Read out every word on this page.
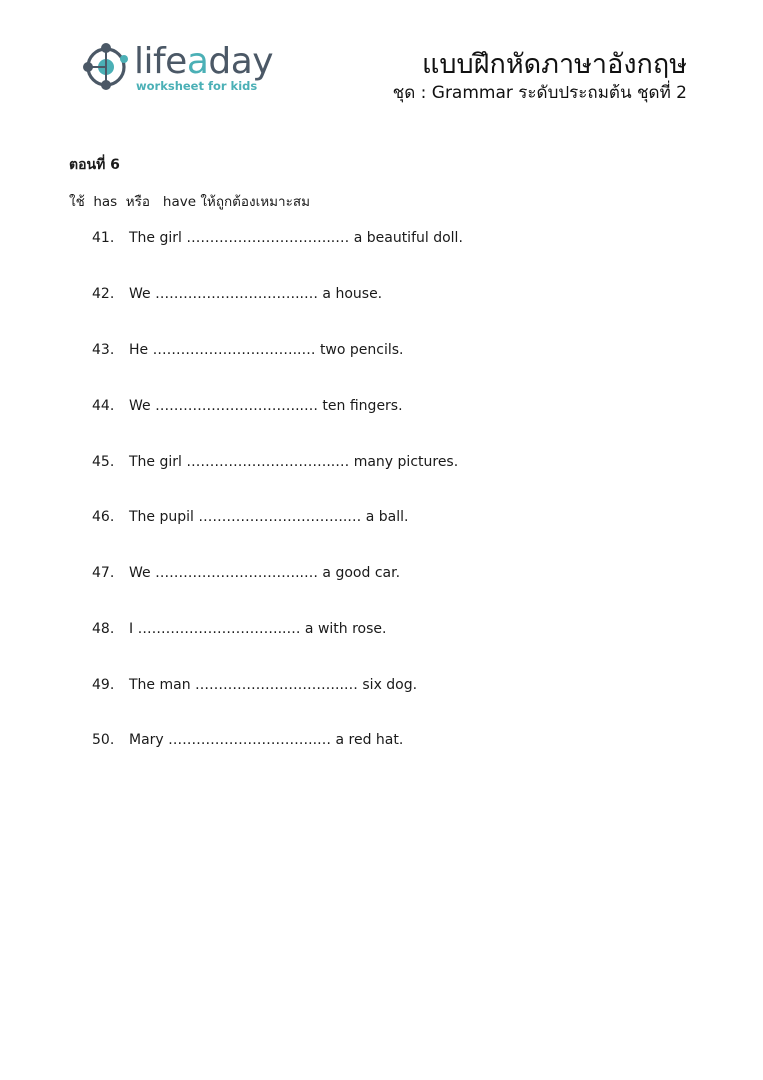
lifeaday
worksheet for kids
แบบฝึกหัดภาษาอังกฤษ
ชุด : Grammar ระดับประถมต้น ชุดที่ 2
ตอนที่ 6
ใช้  has  หรือ   have ให้ถูกต้องเหมาะสม
41. The girl …………………………..… a beautiful doll.
42. We …………………………..… a house.
43. He …………………………..… two pencils.
44. We …………………………..… ten fingers.
45. The girl …………………………..… many pictures.
46. The pupil …………………………..… a ball.
47. We …………………………..… a good car.
48. I …………………………..… a with rose.
49. The man …………………………..… six dog.
50. Mary …………………………..… a red hat.
